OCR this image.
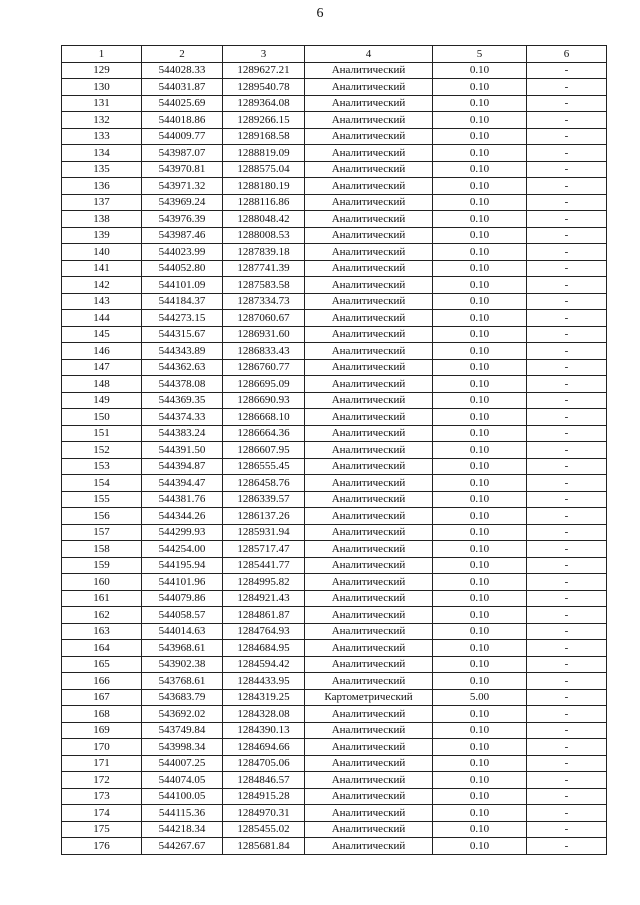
6
1	2	3	4	5	6
129	544028.33	1289627.21	Аналитический	0.10	-
130	544031.87	1289540.78	Аналитический	0.10	-
131	544025.69	1289364.08	Аналитический	0.10	-
132	544018.86	1289266.15	Аналитический	0.10	-
133	544009.77	1289168.58	Аналитический	0.10	-
134	543987.07	1288819.09	Аналитический	0.10	-
135	543970.81	1288575.04	Аналитический	0.10	-
136	543971.32	1288180.19	Аналитический	0.10	-
137	543969.24	1288116.86	Аналитический	0.10	-
138	543976.39	1288048.42	Аналитический	0.10	-
139	543987.46	1288008.53	Аналитический	0.10	-
140	544023.99	1287839.18	Аналитический	0.10	-
141	544052.80	1287741.39	Аналитический	0.10	-
142	544101.09	1287583.58	Аналитический	0.10	-
143	544184.37	1287334.73	Аналитический	0.10	-
144	544273.15	1287060.67	Аналитический	0.10	-
145	544315.67	1286931.60	Аналитический	0.10	-
146	544343.89	1286833.43	Аналитический	0.10	-
147	544362.63	1286760.77	Аналитический	0.10	-
148	544378.08	1286695.09	Аналитический	0.10	-
149	544369.35	1286690.93	Аналитический	0.10	-
150	544374.33	1286668.10	Аналитический	0.10	-
151	544383.24	1286664.36	Аналитический	0.10	-
152	544391.50	1286607.95	Аналитический	0.10	-
153	544394.87	1286555.45	Аналитический	0.10	-
154	544394.47	1286458.76	Аналитический	0.10	-
155	544381.76	1286339.57	Аналитический	0.10	-
156	544344.26	1286137.26	Аналитический	0.10	-
157	544299.93	1285931.94	Аналитический	0.10	-
158	544254.00	1285717.47	Аналитический	0.10	-
159	544195.94	1285441.77	Аналитический	0.10	-
160	544101.96	1284995.82	Аналитический	0.10	-
161	544079.86	1284921.43	Аналитический	0.10	-
162	544058.57	1284861.87	Аналитический	0.10	-
163	544014.63	1284764.93	Аналитический	0.10	-
164	543968.61	1284684.95	Аналитический	0.10	-
165	543902.38	1284594.42	Аналитический	0.10	-
166	543768.61	1284433.95	Аналитический	0.10	-
167	543683.79	1284319.25	Картометрический	5.00	-
168	543692.02	1284328.08	Аналитический	0.10	-
169	543749.84	1284390.13	Аналитический	0.10	-
170	543998.34	1284694.66	Аналитический	0.10	-
171	544007.25	1284705.06	Аналитический	0.10	-
172	544074.05	1284846.57	Аналитический	0.10	-
173	544100.05	1284915.28	Аналитический	0.10	-
174	544115.36	1284970.31	Аналитический	0.10	-
175	544218.34	1285455.02	Аналитический	0.10	-
176	544267.67	1285681.84	Аналитический	0.10	-
